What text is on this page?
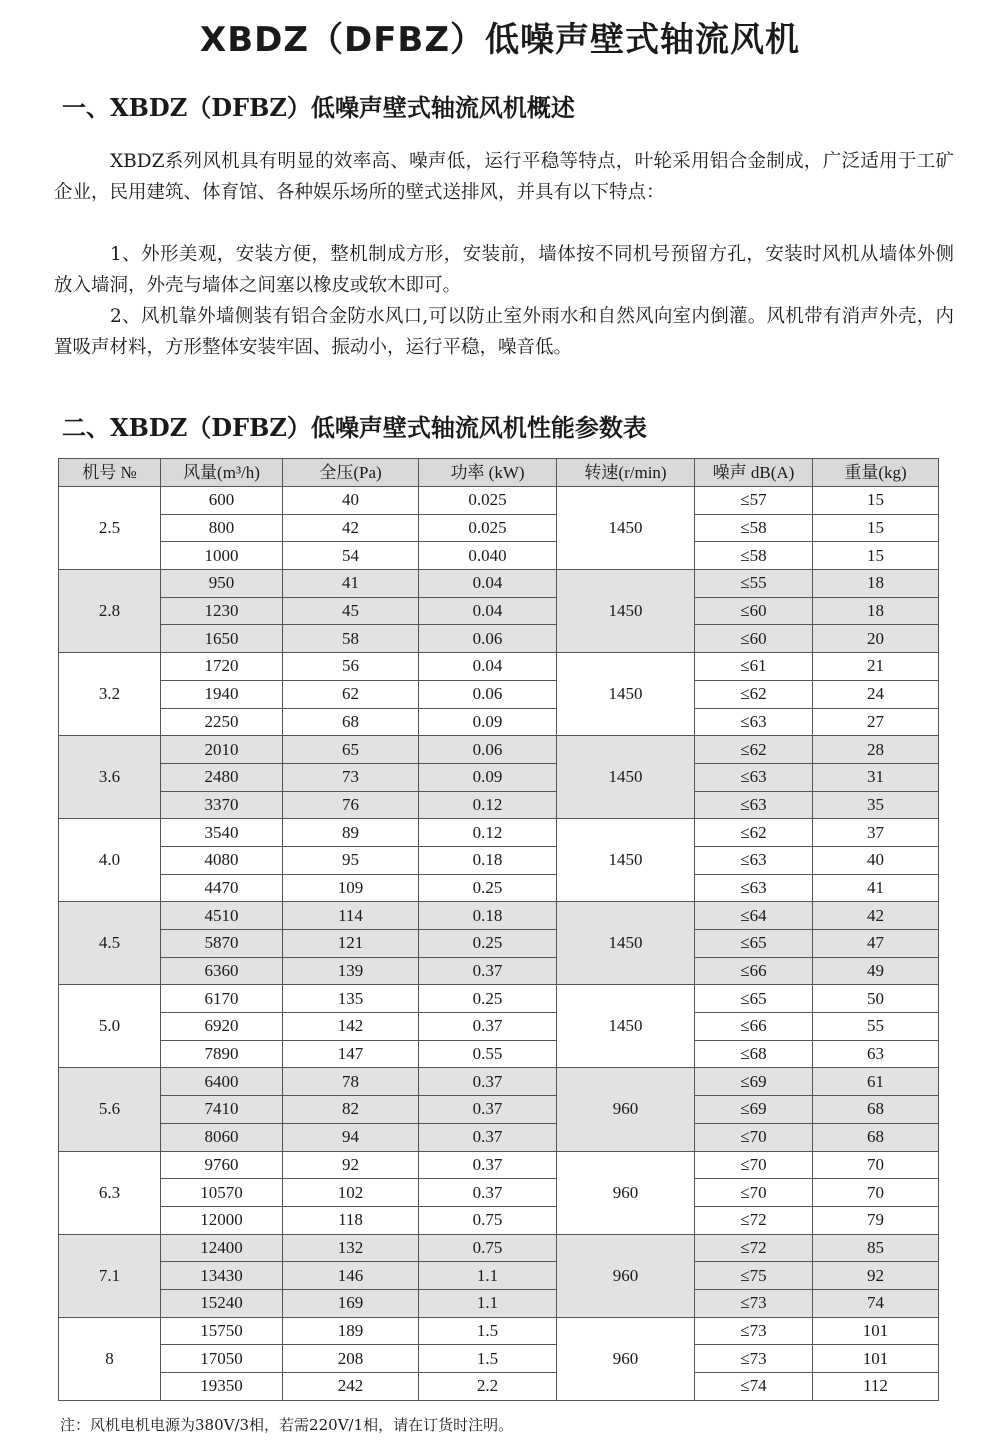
XBDZ（DFBZ）低噪声壁式轴流风机
一、XBDZ（DFBZ）低噪声壁式轴流风机概述

XBDZ系列风机具有明显的效率高、噪声低，运行平稳等特点，叶轮采用铝合金制成，广泛适用于工矿企业，民用建筑、体育馆、各种娱乐场所的壁式送排风，并具有以下特点：

1、外形美观，安装方便，整机制成方形，安装前，墙体按不同机号预留方孔，安装时风机从墙体外侧放入墙洞，外壳与墙体之间塞以橡皮或软木即可。

2、风机靠外墙侧装有铝合金防水风口,可以防止室外雨水和自然风向室内倒灌。风机带有消声外壳，内置吸声材料，方形整体安装牢固、振动小，运行平稳，噪音低。

二、XBDZ（DFBZ）低噪声壁式轴流风机性能参数表
机号 №	风量(m³/h)	全压(Pa)	功率 (kW)	转速(r/min)	噪声 dB(A)	重量(kg)
2.5	600	40	0.025	1450	≤57	15
	800	42	0.025		≤58	15
	1000	54	0.040		≤58	15
2.8	950	41	0.04	1450	≤55	18
	1230	45	0.04		≤60	18
	1650	58	0.06		≤60	20
3.2	1720	56	0.04	1450	≤61	21
	1940	62	0.06		≤62	24
	2250	68	0.09		≤63	27
3.6	2010	65	0.06	1450	≤62	28
	2480	73	0.09		≤63	31
	3370	76	0.12		≤63	35
4.0	3540	89	0.12	1450	≤62	37
	4080	95	0.18		≤63	40
	4470	109	0.25		≤63	41
4.5	4510	114	0.18	1450	≤64	42
	5870	121	0.25		≤65	47
	6360	139	0.37		≤66	49
5.0	6170	135	0.25	1450	≤65	50
	6920	142	0.37		≤66	55
	7890	147	0.55		≤68	63
5.6	6400	78	0.37	960	≤69	61
	7410	82	0.37		≤69	68
	8060	94	0.37		≤70	68
6.3	9760	92	0.37	960	≤70	70
	10570	102	0.37		≤70	70
	12000	118	0.75		≤72	79
7.1	12400	132	0.75	960	≤72	85
	13430	146	1.1		≤75	92
	15240	169	1.1		≤73	74
8	15750	189	1.5	960	≤73	101
	17050	208	1.5		≤73	101
	19350	242	2.2		≤74	112
注：风机电机电源为380V/3相，若需220V/1相，请在订货时注明。
